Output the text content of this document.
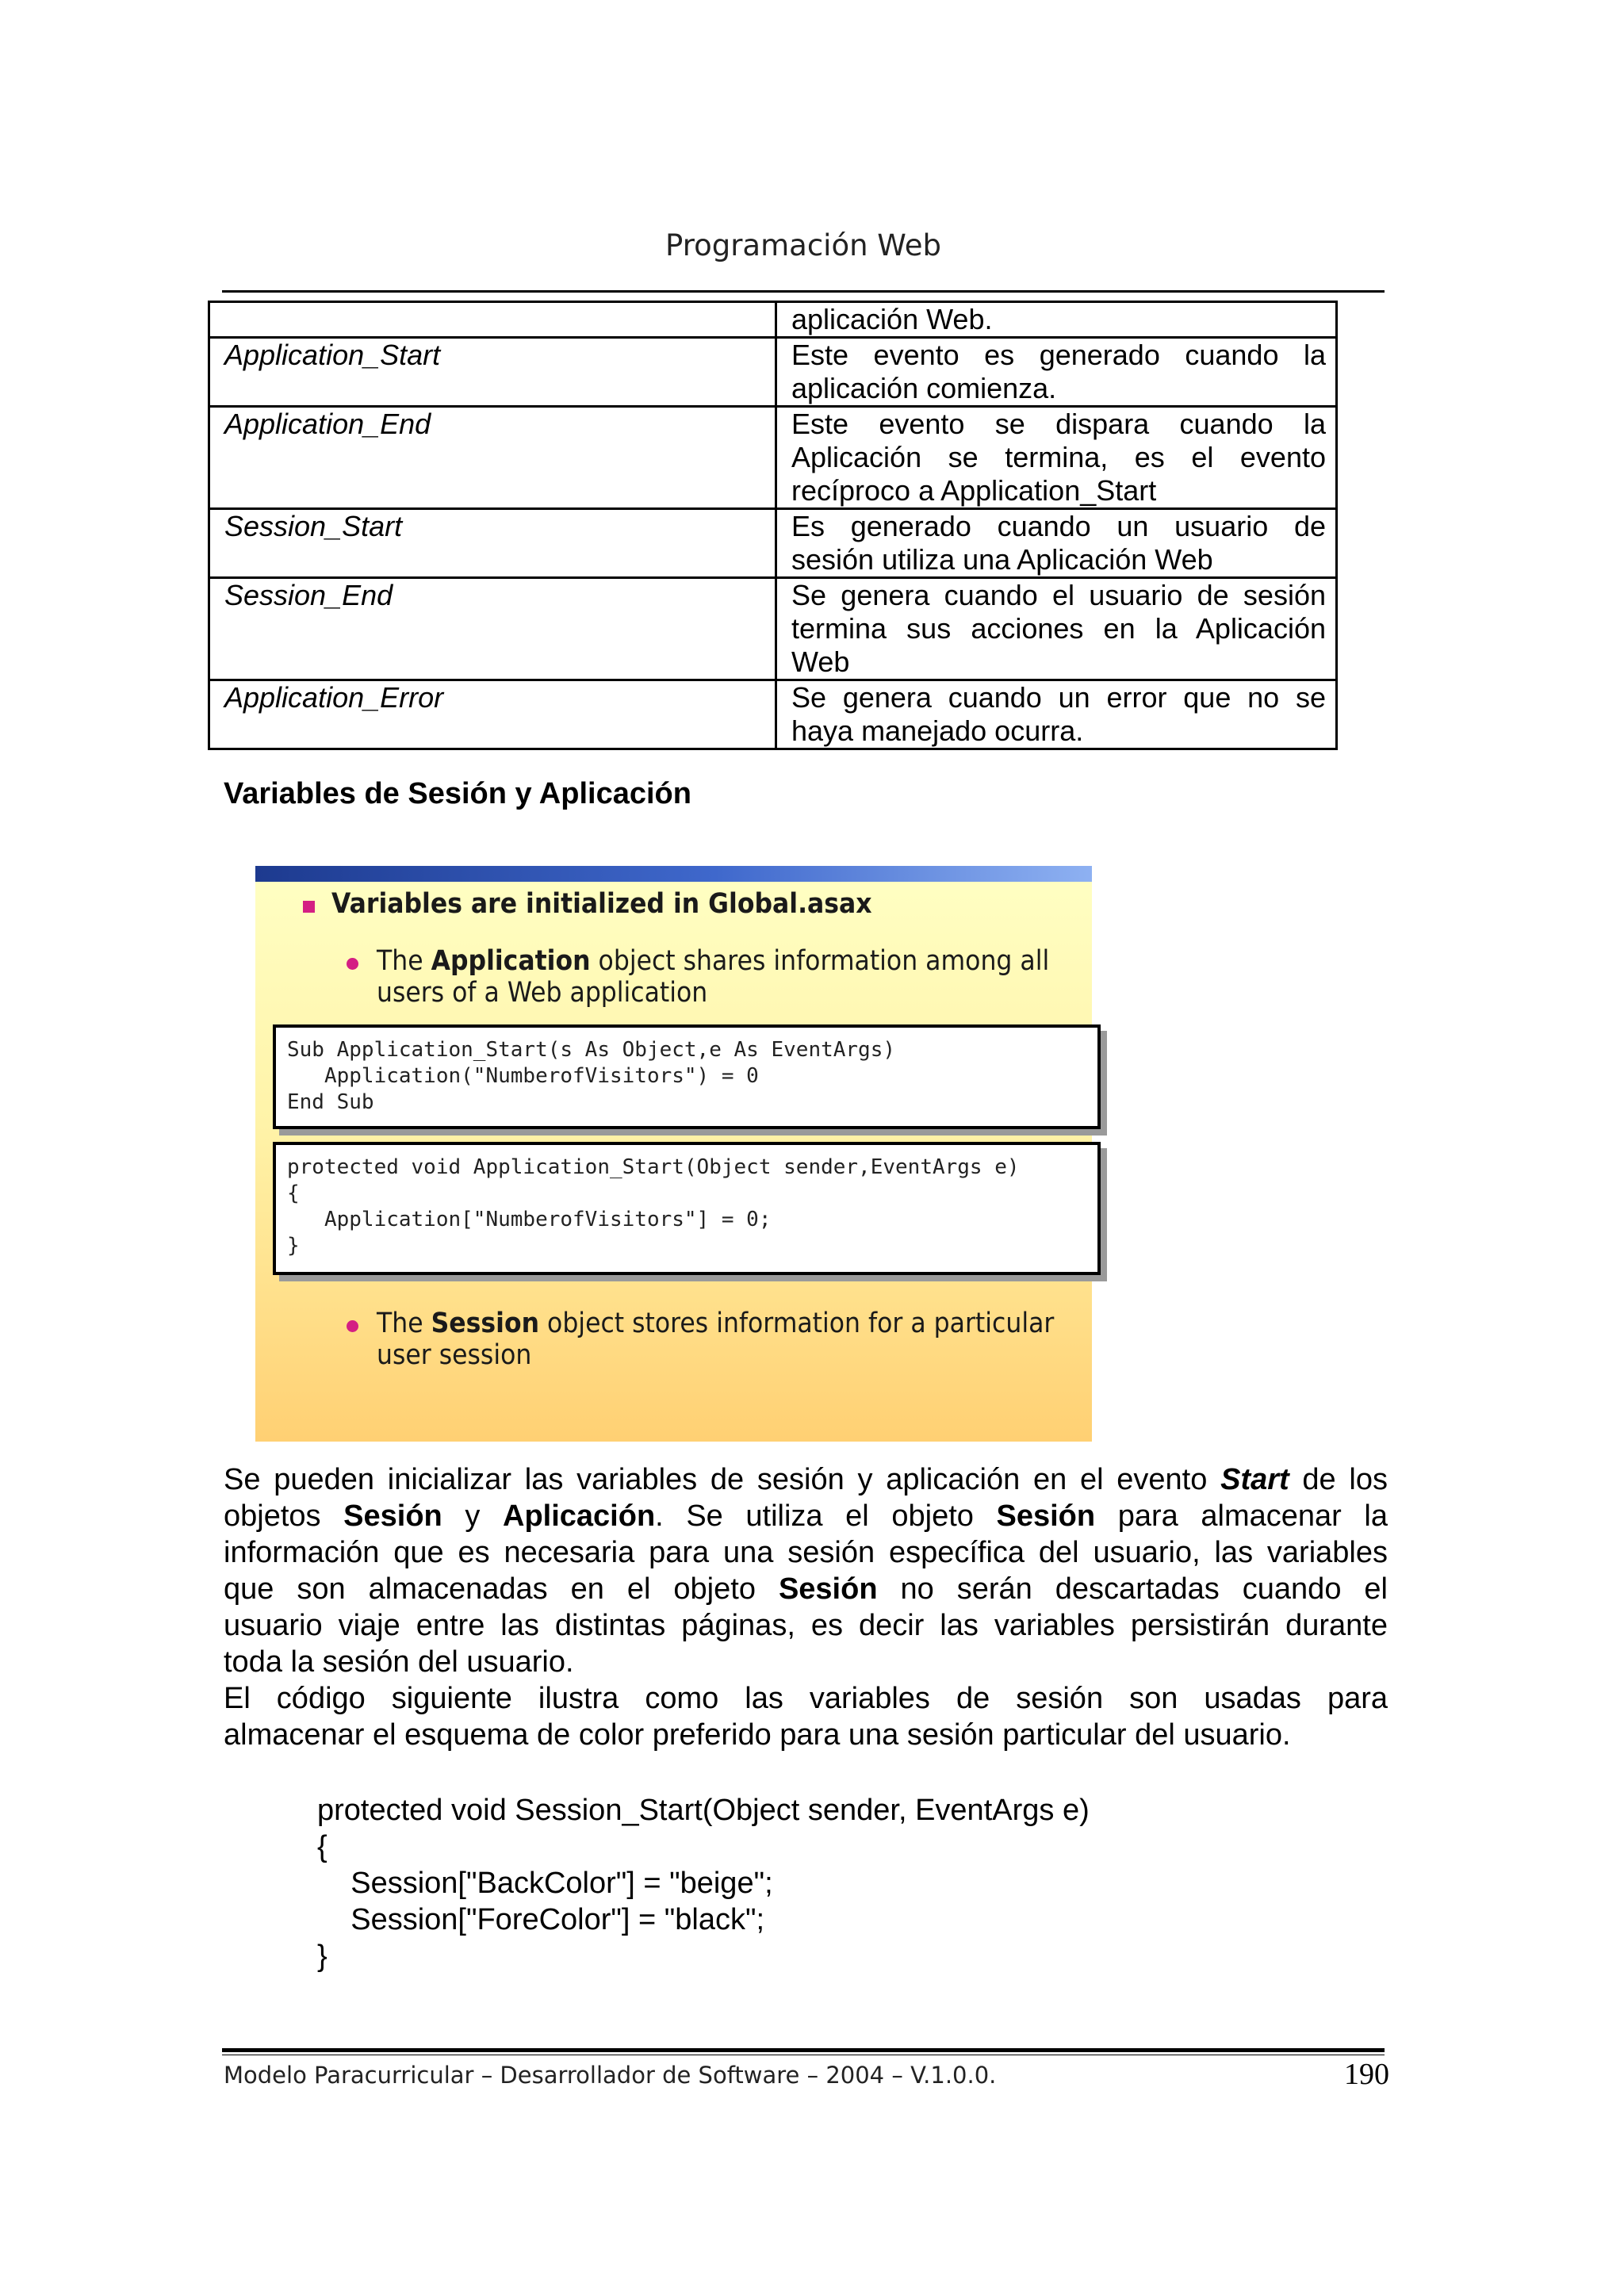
Programación Web
	aplicación Web.
Application_Start	Este evento es generado cuando la aplicación comienza.
Application_End	Este evento se dispara cuando la Aplicación se termina, es el evento recíproco a Application_Start
Session_Start	Es generado cuando un usuario de sesión utiliza una Aplicación Web
Session_End	Se genera cuando el usuario de sesión termina sus acciones en la Aplicación Web
Application_Error	Se genera cuando un error que no se haya manejado ocurra.
Variables de Sesión y Aplicación
Variables are initialized in Global.asax
The Application object shares information among all
users of a Web application
Sub Application_Start(s As Object,e As EventArgs)
Application("NumberofVisitors") = 0
End Sub
protected void Application_Start(Object sender,EventArgs e)
{
Application["NumberofVisitors"] = 0;
}
The Session object stores information for a particular
user session
Se pueden inicializar las variables de sesión y aplicación en el evento Start de los
objetos Sesión y Aplicación. Se utiliza el objeto Sesión para almacenar la
información que es necesaria para una sesión específica del usuario, las variables
que son almacenadas en el objeto Sesión no serán descartadas cuando el
usuario viaje entre las distintas páginas, es decir las variables persistirán durante
toda la sesión del usuario.
El código siguiente ilustra como las variables de sesión son usadas para
almacenar el esquema de color preferido para una sesión particular del usuario.
protected void Session_Start(Object sender, EventArgs e)
{
Session["BackColor"] = "beige";
Session["ForeColor"] = "black";
}
Modelo Paracurricular – Desarrollador de Software – 2004 – V.1.0.0.	190
